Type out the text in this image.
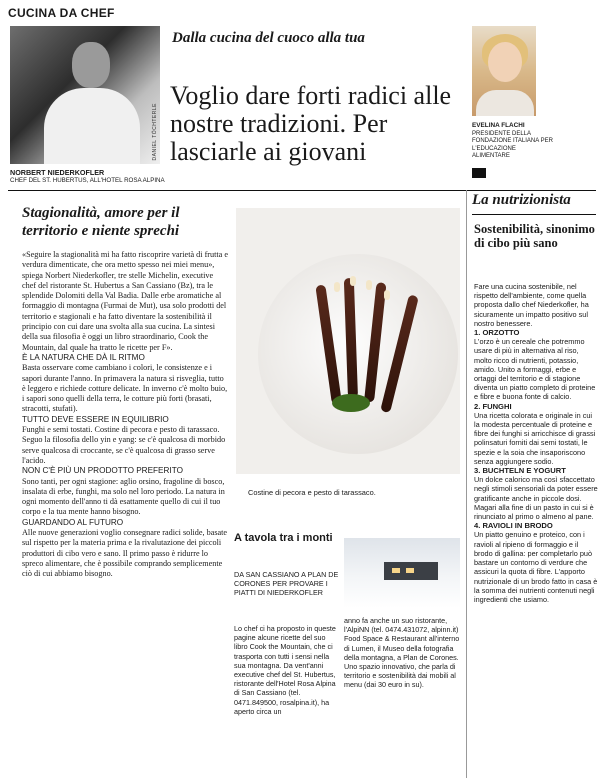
CUCINA DA CHEF
DANIEL TÖCHTERLE
NORBERT NIEDERKOFLER
CHEF DEL ST. HUBERTUS, ALL'HOTEL ROSA ALPINA
Dalla cucina del cuoco alla tua
Voglio dare forti radici alle nostre tradizioni. Per lasciarle ai giovani
EVELINA FLACHI
PRESIDENTE DELLA FONDAZIONE ITALIANA PER L'EDUCAZIONE ALIMENTARE
Stagionalità, amore per il territorio e niente sprechi

«Seguire la stagionalità mi ha fatto riscoprire varietà di frutta e verdura dimenticate, che ora metto spesso nei miei menu», spiega Norbert Niederkofler, tre stelle Michelin, executive chef del ristorante St. Hubertus a San Cassiano (Bz), tra le splendide Dolomiti della Val Badia. Dalle erbe aromatiche al formaggio di montagna (Furmai de Mut), usa solo prodotti del territorio e stagionali e ha fatto diventare la sostenibilità il principio con cui dare una svolta alla sua cucina. La sintesi della sua filosofia è oggi un libro straordinario, Cook the Mountain, dal quale ha tratto le ricette per F».

È LA NATURA CHE DÀ IL RITMO

Basta osservare come cambiano i colori, le consistenze e i sapori durante l'anno. In primavera la natura si risveglia, tutto è leggero e richiede cotture delicate. In inverno c'è molto buio, i sapori sono quelli della terra, le cotture più forti (brasati, stracotti, stufati).

TUTTO DEVE ESSERE IN EQUILIBRIO

Funghi e semi tostati. Costine di pecora e pesto di tarassaco. Seguo la filosofia dello yin e yang: se c'è qualcosa di morbido serve qualcosa di croccante, se c'è qualcosa di grasso serve l'acido.

NON C'È PIÙ UN PRODOTTO PREFERITO

Sono tanti, per ogni stagione: aglio orsino, fragoline di bosco, insalata di erbe, funghi, ma solo nel loro periodo. La natura in ogni momento dell'anno ti dà esattamente quello di cui il tuo corpo e la tua mente hanno bisogno.

GUARDANDO AL FUTURO

Alle nuove generazioni voglio consegnare radici solide, basate sul rispetto per la materia prima e la rivalutazione dei piccoli produttori di cibo vero e sano. Il primo passo è ridurre lo spreco alimentare, che è possibile comprando semplicemente ciò di cui abbiamo bisogno.

Costine di pecora e pesto di tarassaco.
A tavola tra i monti
DA SAN CASSIANO A PLAN DE CORONES PER PROVARE I PIATTI DI NIEDERKOFLER
Lo chef ci ha proposto in queste pagine alcune ricette del suo libro Cook the Mountain, che ci trasporta con tutti i sensi nella sua montagna. Da vent'anni executive chef del St. Hubertus, ristorante dell'Hotel Rosa Alpina di San Cassiano (tel. 0471.849500, rosalpina.it), ha aperto circa un
anno fa anche un suo ristorante, l'AlpiNN (tel. 0474.431072, alpinn.it) Food Space & Restaurant all'interno di Lumen, il Museo della fotografia della montagna, a Plan de Corones. Uno spazio innovativo, che parla di territorio e sostenibilità dai mobili al menu (dai 30 euro in su).
La nutrizionista
Sostenibilità, sinonimo di cibo più sano

Fare una cucina sostenibile, nel rispetto dell'ambiente, come quella proposta dallo chef Niederkofler, ha sicuramente un impatto positivo sul nostro benessere.

1. ORZOTTO

L'orzo è un cereale che potremmo usare di più in alternativa al riso, molto ricco di nutrienti, potassio, amido. Unito a formaggi, erbe e ortaggi del territorio e di stagione diventa un piatto completo di proteine e fibre e buona fonte di calcio.

2. FUNGHI

Una ricetta colorata e originale in cui la modesta percentuale di proteine e fibre dei funghi si arricchisce di grassi polinsaturi forniti dai semi tostati, le spezie e la soia che insaporiscono senza aggiungere sodio.

3. BUCHTELN E YOGURT

Un dolce calorico ma così sfaccettato negli stimoli sensoriali da poter essere gratificante anche in piccole dosi. Magari alla fine di un pasto in cui si è rinunciato al primo o almeno al pane.

4. RAVIOLI IN BRODO

Un piatto genuino e proteico, con i ravioli al ripieno di formaggio e il brodo di gallina: per completarlo può bastare un contorno di verdure che assicuri la quota di fibre. L'apporto nutrizionale di un brodo fatto in casa è la somma dei nutrienti contenuti negli ingredienti che usiamo.
